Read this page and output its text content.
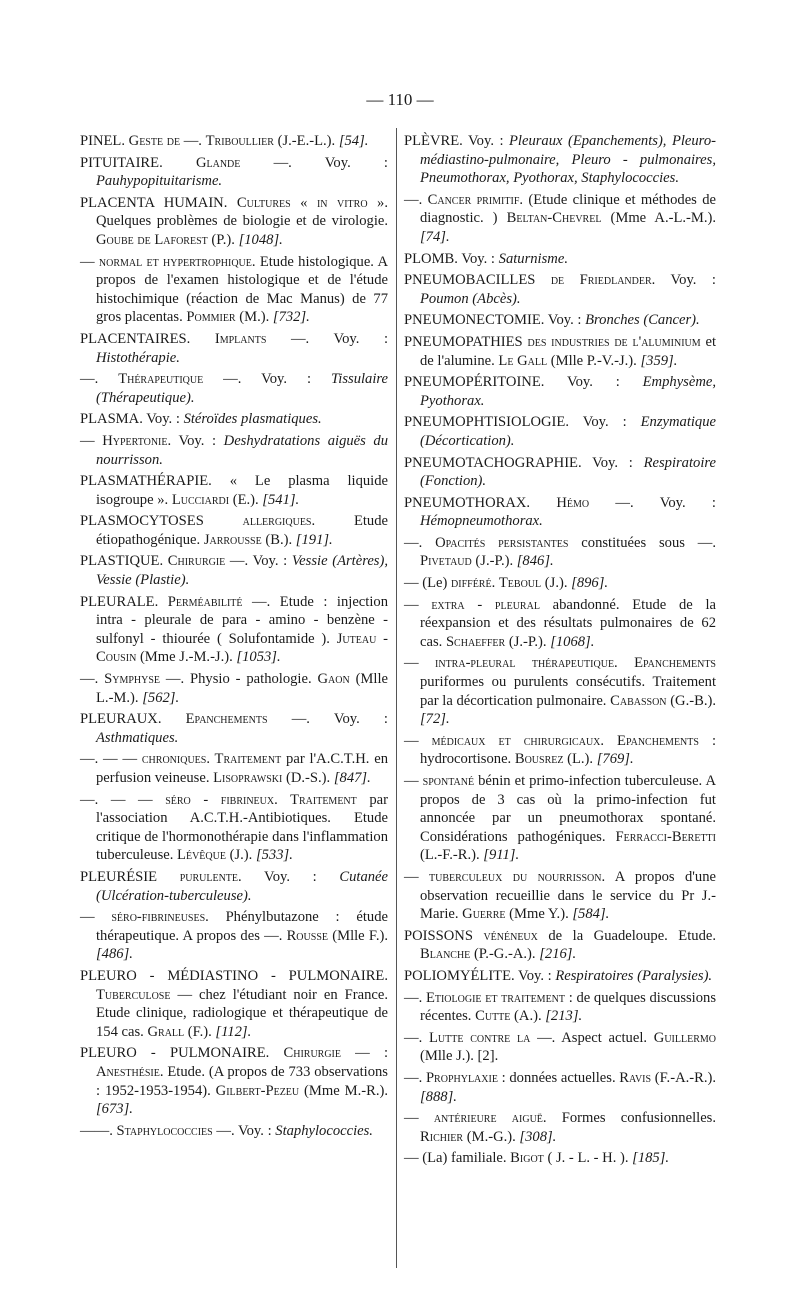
— 110 —

PINEL. Geste de —. Triboullier (J.-E.-L.). [54].

PITUITAIRE. Glande —. Voy. : Pauhypopituitarisme.

PLACENTA HUMAIN. Cultures « in vitro ». Quelques problèmes de biologie et de virologie. Goube de Laforest (P.). [1048].

— normal et hypertrophique. Etude histologique. A propos de l'examen histologique et de l'étude histochimique (réaction de Mac Manus) de 77 gros placentas. Pommier (M.). [732].

PLACENTAIRES. Implants —. Voy. : Histothérapie.

—. Thérapeutique —. Voy. : Tissulaire (Thérapeutique).

PLASMA. Voy. : Stéroïdes plasmatiques.

— Hypertonie. Voy. : Deshydratations aiguës du nourrisson.

PLASMATHÉRAPIE. « Le plasma liquide isogroupe ». Lucciardi (E.). [541].

PLASMOCYTOSES allergiques. Etude étiopathogénique. Jarrousse (B.). [191].

PLASTIQUE. Chirurgie —. Voy. : Vessie (Artères), Vessie (Plastie).

PLEURALE. Perméabilité —. Etude : injection intra - pleurale de para - amino - benzène - sulfonyl - thiourée ( Solufontamide ). Juteau - Cousin (Mme J.-M.-J.). [1053].

—. Symphyse —. Physio - pathologie. Gaon (Mlle L.-M.). [562].

PLEURAUX. Epanchements —. Voy. : Asthmatiques.

—. — — chroniques. Traitement par l'A.C.T.H. en perfusion veineuse. Lisoprawski (D.-S.). [847].

—. — — séro - fibrineux. Traitement par l'association A.C.T.H.-Antibiotiques. Etude critique de l'hormonothérapie dans l'inflammation tuberculeuse. Lévêque (J.). [533].

PLEURÉSIE purulente. Voy. : Cutanée (Ulcération-tuberculeuse).

— séro-fibrineuses. Phénylbutazone : étude thérapeutique. A propos des —. Rousse (Mlle F.). [486].

PLEURO - MÉDIASTINO - PULMONAIRE. Tuberculose — chez l'étudiant noir en France. Etude clinique, radiologique et thérapeutique de 154 cas. Grall (F.). [112].

PLEURO - PULMONAIRE. Chirurgie — : Anesthésie. Etude. (A propos de 733 observations : 1952-1953-1954). Gilbert-Pezeu (Mme M.-R.). [673].

——. Staphylococcies —. Voy. : Staphylococcies.

PLÈVRE. Voy. : Pleuraux (Epanchements), Pleuro-médiastino-pulmonaire, Pleuro - pulmonaires, Pneumothorax, Pyothorax, Staphylococcies.

—. Cancer primitif. (Etude clinique et méthodes de diagnostic. ) Beltan-Chevrel (Mme A.-L.-M.). [74].

PLOMB. Voy. : Saturnisme.

PNEUMOBACILLES de Friedlander. Voy. : Poumon (Abcès).

PNEUMONECTOMIE. Voy. : Bronches (Cancer).

PNEUMOPATHIES des industries de l'aluminium et de l'alumine. Le Gall (Mlle P.-V.-J.). [359].

PNEUMOPÉRITOINE. Voy. : Emphysème, Pyothorax.

PNEUMOPHTISIOLOGIE. Voy. : Enzymatique (Décortication).

PNEUMOTACHOGRAPHIE. Voy. : Respiratoire (Fonction).

PNEUMOTHORAX. Hémo —. Voy. : Hémopneumothorax.

—. Opacités persistantes constituées sous —. Pivetaud (J.-P.). [846].

— (Le) différé. Teboul (J.). [896].

— extra - pleural abandonné. Etude de la réexpansion et des résultats pulmonaires de 62 cas. Schaeffer (J.-P.). [1068].

— intra-pleural thérapeutique. Epanchements puriformes ou purulents consécutifs. Traitement par la décortication pulmonaire. Cabasson (G.-B.). [72].

— médicaux et chirurgicaux. Epanchements : hydrocortisone. Bousrez (L.). [769].

— spontané bénin et primo-infection tuberculeuse. A propos de 3 cas où la primo-infection fut annoncée par un pneumothorax spontané. Considérations pathogéniques. Ferracci-Beretti (L.-F.-R.). [911].

— tuberculeux du nourrisson. A propos d'une observation recueillie dans le service du Pr J.-Marie. Guerre (Mme Y.). [584].

POISSONS vénéneux de la Guadeloupe. Etude. Blanche (P.-G.-A.). [216].

POLIOMYÉLITE. Voy. : Respiratoires (Paralysies).

—. Etiologie et traitement : de quelques discussions récentes. Cutte (A.). [213].

—. Lutte contre la —. Aspect actuel. Guillermo (Mlle J.). [2].

—. Prophylaxie : données actuelles. Ravis (F.-A.-R.). [888].

— antérieure aiguë. Formes confusionnelles. Richier (M.-G.). [308].

— (La) familiale. Bigot ( J. - L. - H. ). [185].
